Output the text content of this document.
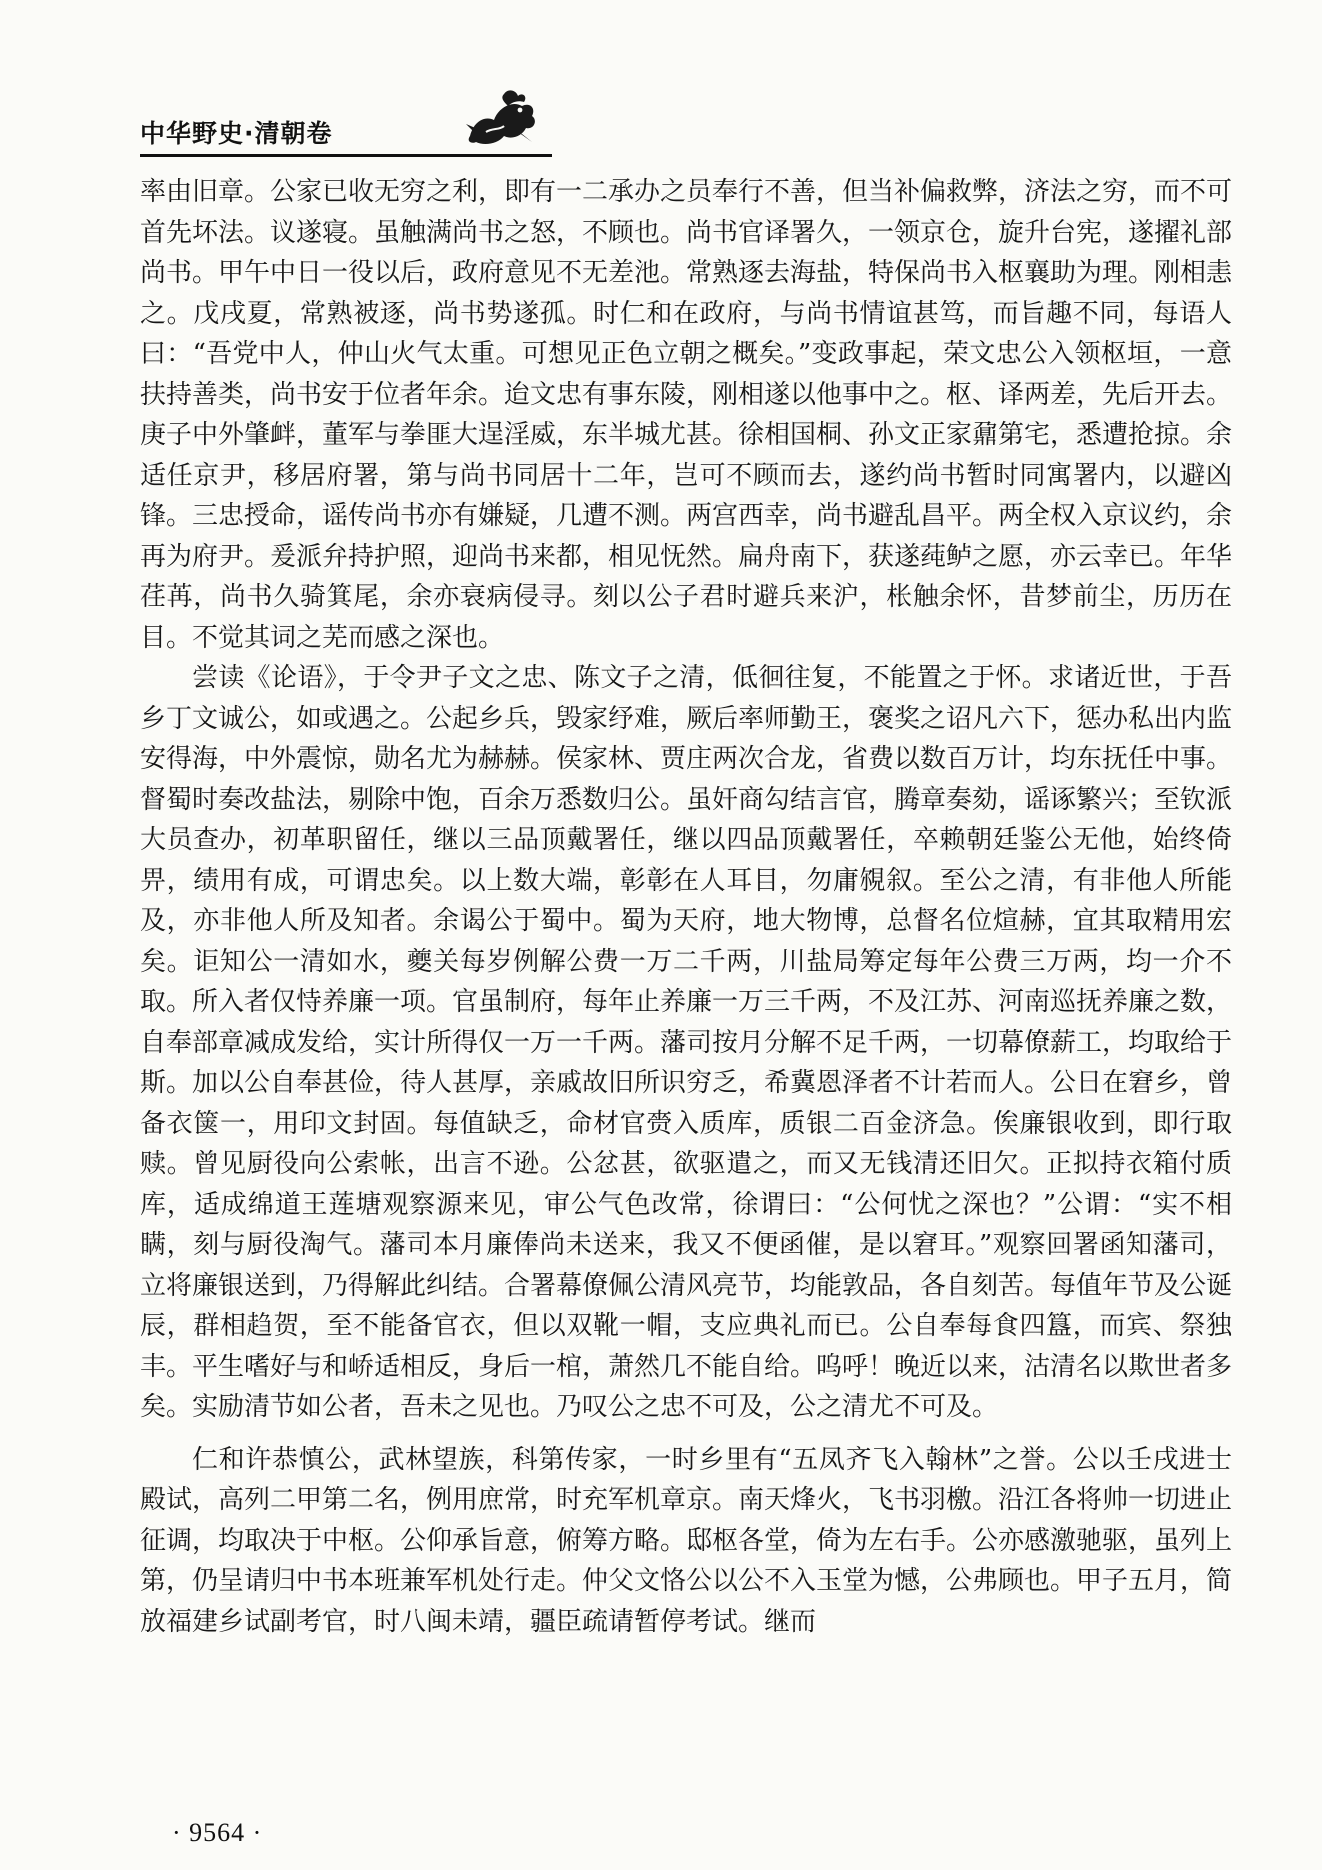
中华野史·清朝卷

率由旧章。公家已收无穷之利，即有一二承办之员奉行不善，但当补偏救弊，济法之穷，而不可首先坏法。议遂寝。虽触满尚书之怒，不顾也。尚书官译署久，一领京仓，旋升台宪，遂擢礼部尚书。甲午中日一役以后，政府意见不无差池。常熟逐去海盐，特保尚书入枢襄助为理。刚相恚之。戊戌夏，常熟被逐，尚书势遂孤。时仁和在政府，与尚书情谊甚笃，而旨趣不同，每语人曰：“吾党中人，仲山火气太重。可想见正色立朝之概矣。”变政事起，荣文忠公入领枢垣，一意扶持善类，尚书安于位者年余。迨文忠有事东陵，刚相遂以他事中之。枢、译两差，先后开去。庚子中外肇衅，董军与拳匪大逞淫威，东半城尤甚。徐相国桐、孙文正家鼐第宅，悉遭抢掠。余适任京尹，移居府署，第与尚书同居十二年，岂可不顾而去，遂约尚书暂时同寓署内，以避凶锋。三忠授命，谣传尚书亦有嫌疑，几遭不测。两宫西幸，尚书避乱昌平。两全权入京议约，余再为府尹。爰派弁持护照，迎尚书来都，相见怃然。扁舟南下，获遂莼鲈之愿，亦云幸已。年华荏苒，尚书久骑箕尾，余亦衰病侵寻。刻以公子君时避兵来沪，枨触余怀，昔梦前尘，历历在目。不觉其词之芜而感之深也。

尝读《论语》，于令尹子文之忠、陈文子之清，低徊往复，不能置之于怀。求诸近世，于吾乡丁文诚公，如或遇之。公起乡兵，毁家纾难，厥后率师勤王，褒奖之诏凡六下，惩办私出内监安得海，中外震惊，勋名尤为赫赫。侯家林、贾庄两次合龙，省费以数百万计，均东抚任中事。督蜀时奏改盐法，剔除中饱，百余万悉数归公。虽奸商勾结言官，腾章奏劾，谣诼繁兴；至钦派大员查办，初革职留任，继以三品顶戴署任，继以四品顶戴署任，卒赖朝廷鉴公无他，始终倚畀，绩用有成，可谓忠矣。以上数大端，彰彰在人耳目，勿庸覙叙。至公之清，有非他人所能及，亦非他人所及知者。余谒公于蜀中。蜀为天府，地大物博，总督名位煊赫，宜其取精用宏矣。讵知公一清如水，夔关每岁例解公费一万二千两，川盐局筹定每年公费三万两，均一介不取。所入者仅恃养廉一项。官虽制府，每年止养廉一万三千两，不及江苏、河南巡抚养廉之数，自奉部章减成发给，实计所得仅一万一千两。藩司按月分解不足千两，一切幕僚薪工，均取给于斯。加以公自奉甚俭，待人甚厚，亲戚故旧所识穷乏，希冀恩泽者不计若而人。公日在窘乡，曾备衣箧一，用印文封固。每值缺乏，命材官赍入质库，质银二百金济急。俟廉银收到，即行取赎。曾见厨役向公索帐，出言不逊。公忿甚，欲驱遣之，而又无钱清还旧欠。正拟持衣箱付质库，适成绵道王莲塘观察源来见，审公气色改常，徐谓曰：“公何忧之深也？”公谓：“实不相瞒，刻与厨役淘气。藩司本月廉俸尚未送来，我又不便函催，是以窘耳。”观察回署函知藩司，立将廉银送到，乃得解此纠结。合署幕僚佩公清风亮节，均能敦品，各自刻苦。每值年节及公诞辰，群相趋贺，至不能备官衣，但以双靴一帽，支应典礼而已。公自奉每食四簋，而宾、祭独丰。平生嗜好与和峤适相反，身后一棺，萧然几不能自给。呜呼！晚近以来，沽清名以欺世者多矣。实励清节如公者，吾未之见也。乃叹公之忠不可及，公之清尤不可及。

仁和许恭慎公，武林望族，科第传家，一时乡里有“五凤齐飞入翰林”之誉。公以壬戌进士殿试，高列二甲第二名，例用庶常，时充军机章京。南天烽火，飞书羽檄。沿江各将帅一切进止征调，均取决于中枢。公仰承旨意，俯筹方略。邸枢各堂，倚为左右手。公亦感激驰驱，虽列上第，仍呈请归中书本班兼军机处行走。仲父文恪公以公不入玉堂为憾，公弗顾也。甲子五月，简放福建乡试副考官，时八闽未靖，疆臣疏请暂停考试。继而

· 9564 ·
